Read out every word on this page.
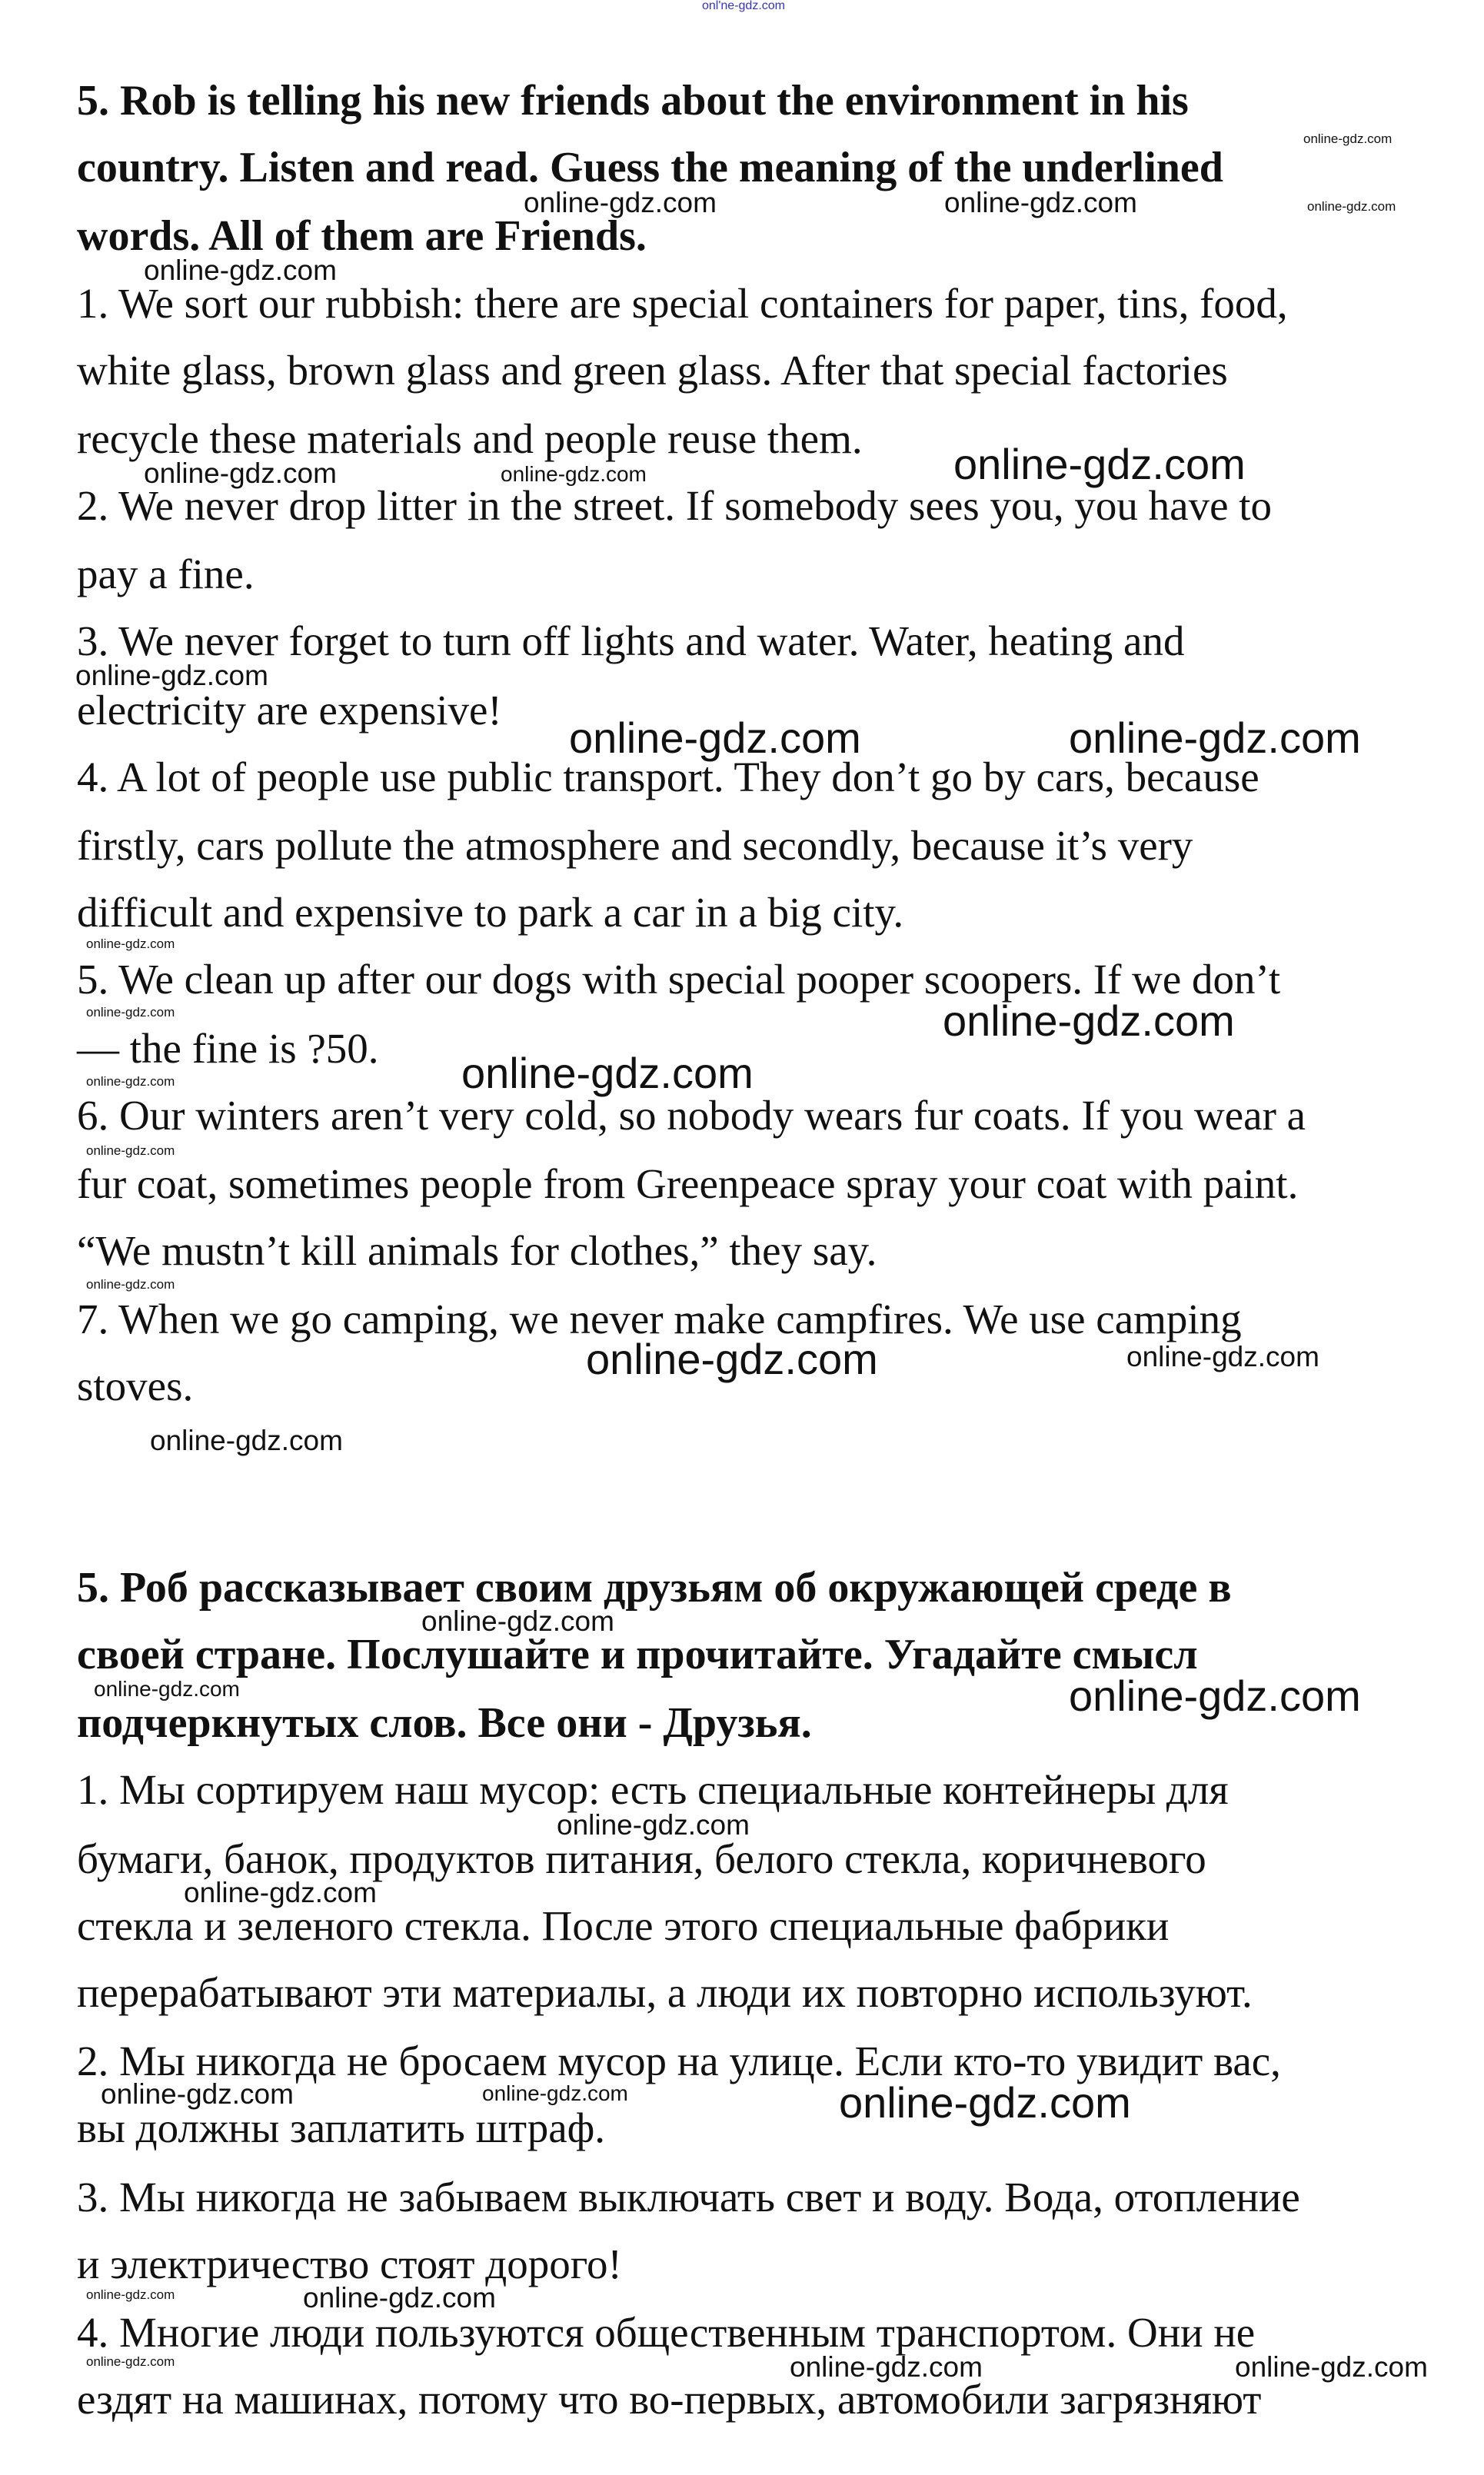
onl'ne-gdz.com
5. Rob is telling his new friends about the environment in his
country. Listen and read. Guess the meaning of the underlined
words. All of them are Friends.
1. We sort our rubbish: there are special containers for paper, tins, food,
white glass, brown glass and green glass. After that special factories
recycle these materials and people reuse them.
2. We never drop litter in the street. If somebody sees you, you have to
pay a fine.
3. We never forget to turn off lights and water. Water, heating and
electricity are expensive!
4. A lot of people use public transport. They don’t go by cars, because
firstly, cars pollute the atmosphere and secondly, because it’s very
difficult and expensive to park a car in a big city.
5. We clean up after our dogs with special pooper scoopers. If we don’t
— the fine is ?50.
6. Our winters aren’t very cold, so nobody wears fur coats. If you wear a
fur coat, sometimes people from Greenpeace spray your coat with paint.
“We mustn’t kill animals for clothes,” they say.
7. When we go camping, we never make campfires. We use camping
stoves.
5. Роб рассказывает своим друзьям об окружающей среде в
своей стране. Послушайте и прочитайте. Угадайте смысл
подчеркнутых слов. Все они - Друзья.
1. Мы сортируем наш мусор: есть специальные контейнеры для
бумаги, банок, продуктов питания, белого стекла, коричневого
стекла и зеленого стекла. После этого специальные фабрики
перерабатывают эти материалы, а люди их повторно используют.
2. Мы никогда не бросаем мусор на улице. Если кто-то увидит вас,
вы должны заплатить штраф.
3. Мы никогда не забываем выключать свет и воду. Вода, отопление
и электричество стоят дорого!
4. Многие люди пользуются общественным транспортом. Они не
ездят на машинах, потому что во-первых, автомобили загрязняют
online-gdz.com
online-gdz.com
online-gdz.com	online-gdz.com
online-gdz.com
online-gdz.com	online-gdz.com	online-gdz.com
online-gdz.com
online-gdz.com	online-gdz.com
online-gdz.com
online-gdz.com	online-gdz.com
online-gdz.com	online-gdz.com
online-gdz.com
online-gdz.com
online-gdz.com	online-gdz.com
online-gdz.com
online-gdz.com
online-gdz.com
online-gdz.com
online-gdz.com
online-gdz.com
online-gdz.com	online-gdz.com	online-gdz.com
online-gdz.com	online-gdz.com
online-gdz.com	online-gdz.com	online-gdz.com
